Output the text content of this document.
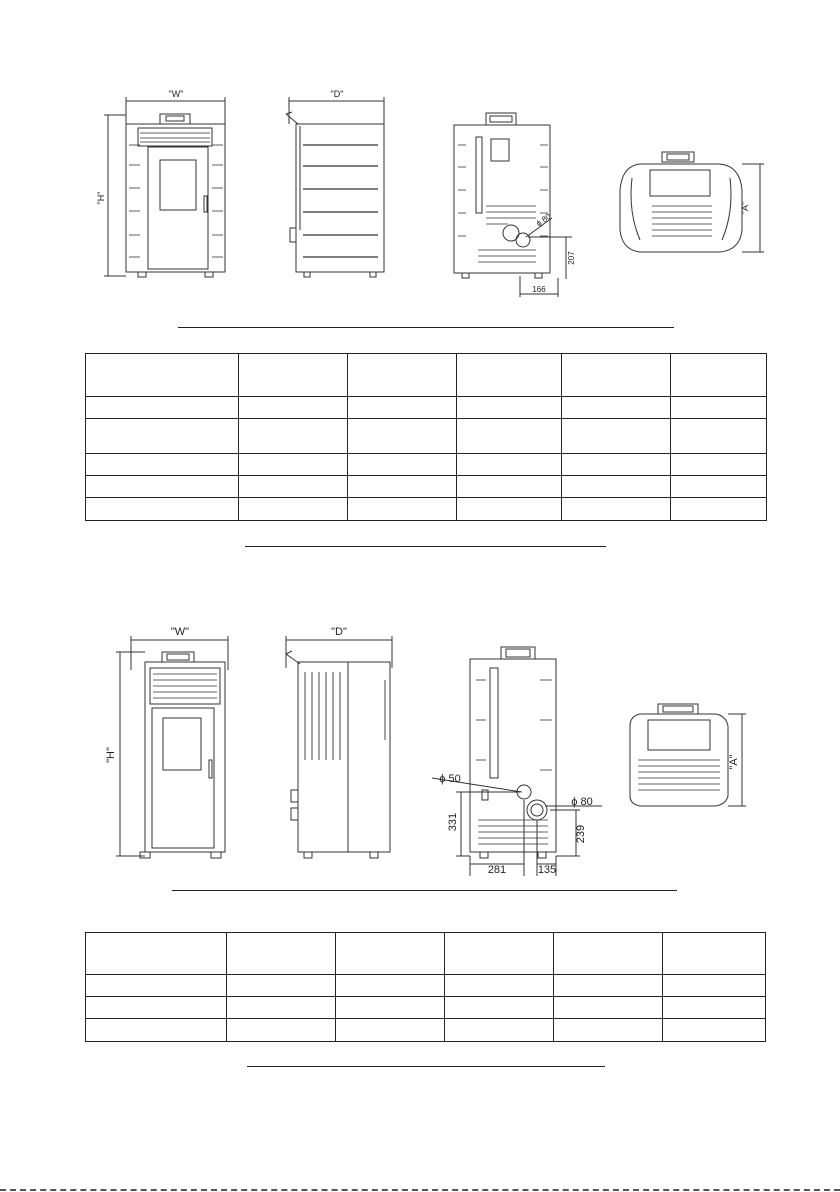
"W"
"H"
"D"
ϕ 80
207
166
"A"

"W"
"H"
"D"
ϕ 50
ϕ 80
331
239
281	135
"A"
